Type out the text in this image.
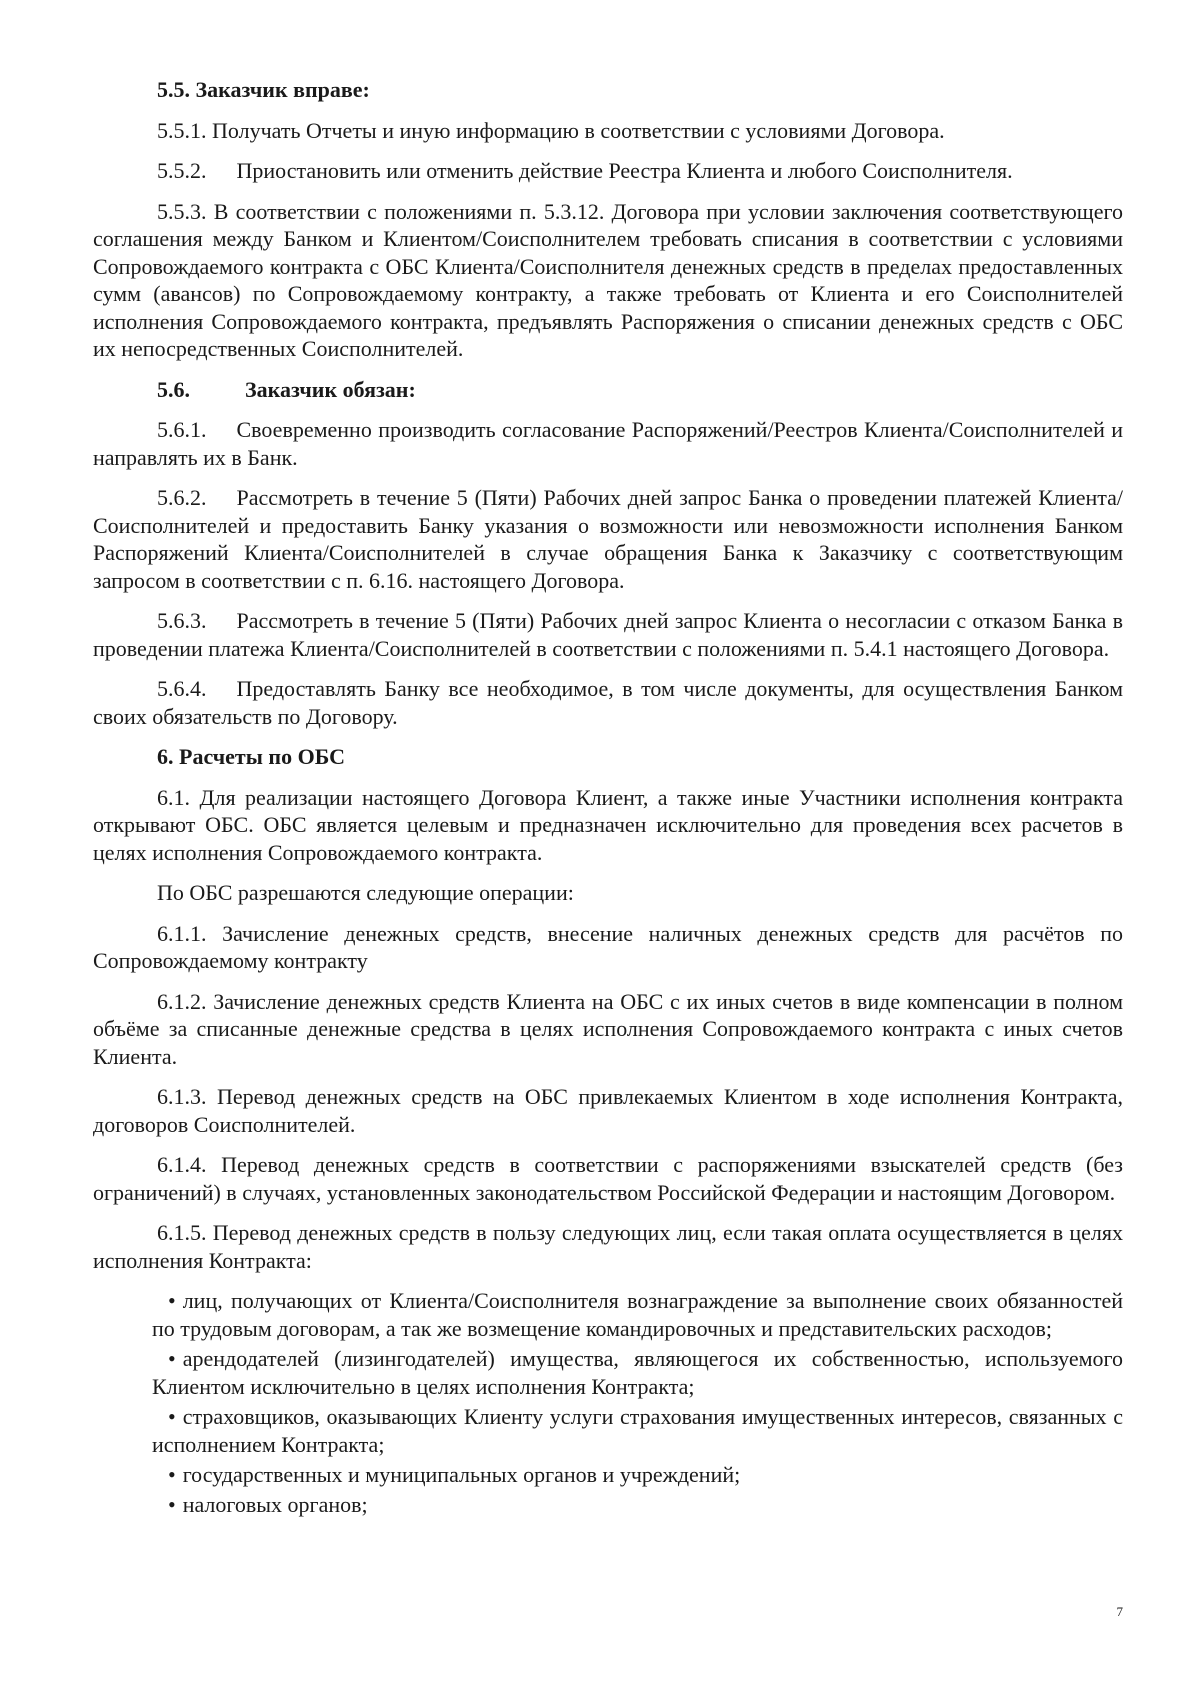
5.5. Заказчик вправе:

5.5.1. Получать Отчеты и иную информацию в соответствии с условиями Договора.

5.5.2. Приостановить или отменить действие Реестра Клиента и любого Соисполнителя.

5.5.3. В соответствии с положениями п. 5.3.12. Договора при условии заключения соответствующего соглашения между Банком и Клиентом/Соисполнителем требовать списания в соответствии с условиями Сопровождаемого контракта с ОБС Клиента/Соисполнителя денежных средств в пределах предоставленных сумм (авансов) по Сопровождаемому контракту, а также требовать от Клиента и его Соисполнителей исполнения Сопровождаемого контракта, предъявлять Распоряжения о списании денежных средств с ОБС их непосредственных Соисполнителей.

5.6.	Заказчик обязан:

5.6.1. Своевременно производить согласование Распоряжений/Реестров Клиента/Соисполнителей и направлять их в Банк.

5.6.2. Рассмотреть в течение 5 (Пяти) Рабочих дней запрос Банка о проведении платежей Клиента/Соисполнителей и предоставить Банку указания о возможности или невозможности исполнения Банком Распоряжений Клиента/Соисполнителей в случае обращения Банка к Заказчику с соответствующим запросом в соответствии с п. 6.16. настоящего Договора.

5.6.3. Рассмотреть в течение 5 (Пяти) Рабочих дней запрос Клиента о несогласии с отказом Банка в проведении платежа Клиента/Соисполнителей в соответствии с положениями п. 5.4.1 настоящего Договора.

5.6.4. Предоставлять Банку все необходимое, в том числе документы, для осуществления Банком своих обязательств по Договору.

6. Расчеты по ОБС

6.1. Для реализации настоящего Договора Клиент, а также иные Участники исполнения контракта открывают ОБС. ОБС является целевым и предназначен исключительно для проведения всех расчетов в целях исполнения Сопровождаемого контракта.

По ОБС разрешаются следующие операции:

6.1.1. Зачисление денежных средств, внесение наличных денежных средств для расчётов по Сопровождаемому контракту

6.1.2. Зачисление денежных средств Клиента на ОБС с их иных счетов в виде компенсации в полном объёме за списанные денежные средства в целях исполнения Сопровождаемого контракта с иных счетов Клиента.

6.1.3. Перевод денежных средств на ОБС привлекаемых Клиентом в ходе исполнения Контракта, договоров Соисполнителей.

6.1.4. Перевод денежных средств в соответствии с распоряжениями взыскателей средств (без ограничений) в случаях, установленных законодательством Российской Федерации и настоящим Договором.

6.1.5. Перевод денежных средств в пользу следующих лиц, если такая оплата осуществляется в целях исполнения Контракта:

• лиц, получающих от Клиента/Соисполнителя вознаграждение за выполнение своих обязанностей по трудовым договорам, а так же возмещение командировочных и представительских расходов;

• арендодателей (лизингодателей) имущества, являющегося их собственностью, используемого Клиентом исключительно в целях исполнения Контракта;

• страховщиков, оказывающих Клиенту услуги страхования имущественных интересов, связанных с исполнением Контракта;

• государственных и муниципальных органов и учреждений;

• налоговых органов;

7
